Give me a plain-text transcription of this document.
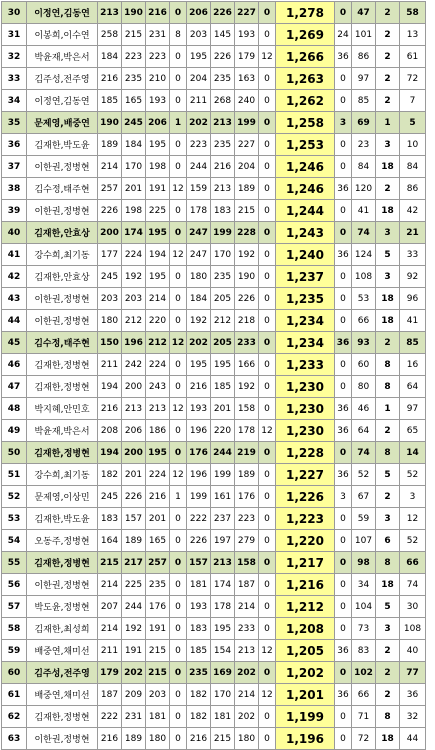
30	이정연,김동연	213	190	216	0	206	226	227	0	1,278	0	47	2	58
31	이봉희,이수연	258	215	231	8	203	145	193	0	1,269	24	101	2	13
32	박윤재,박은서	184	223	223	0	195	226	179	12	1,266	36	86	2	61
33	김주성,전주영	216	235	210	0	204	235	163	0	1,263	0	97	2	72
34	이정연,김동연	185	165	193	0	211	268	240	0	1,262	0	85	2	7
35	문제영,배중연	190	245	206	1	202	213	199	0	1,258	3	69	1	5
36	김재한,박도윤	189	184	195	0	223	235	227	0	1,253	0	23	3	10
37	이한권,정병현	214	170	198	0	244	216	204	0	1,246	0	84	18	84
38	김수정,태주현	257	201	191	12	159	213	189	0	1,246	36	120	2	86
39	이한권,정병현	226	198	225	0	178	183	215	0	1,244	0	41	18	42
40	김재한,안효상	200	174	195	0	247	199	228	0	1,243	0	74	3	21
41	강수희,최기동	177	224	194	12	247	170	192	0	1,240	36	124	5	33
42	김재한,안효상	245	192	195	0	180	235	190	0	1,237	0	108	3	92
43	이한권,정병현	203	203	214	0	184	205	226	0	1,235	0	53	18	96
44	이한권,정병현	180	212	220	0	192	212	218	0	1,234	0	66	18	41
45	김수정,태주현	150	196	212	12	202	205	233	0	1,234	36	93	2	85
46	김재한,정병현	211	242	224	0	195	195	166	0	1,233	0	60	8	16
47	김재한,정병현	194	200	243	0	216	185	192	0	1,230	0	80	8	64
48	박지혜,안민호	216	213	213	12	193	201	158	0	1,230	36	46	1	97
49	박윤재,박은서	208	206	186	0	196	220	178	12	1,230	36	64	2	65
50	김재한,정병현	194	200	195	0	176	244	219	0	1,228	0	74	8	14
51	강수희,최기동	182	201	224	12	196	199	189	0	1,227	36	52	5	52
52	문제영,이상민	245	226	216	1	199	161	176	0	1,226	3	67	2	3
53	김재한,박도윤	183	157	201	0	222	237	223	0	1,223	0	59	3	12
54	오동주,정병현	164	189	165	0	226	197	279	0	1,220	0	107	6	52
55	김재한,정병현	215	217	257	0	157	213	158	0	1,217	0	98	8	66
56	이한권,정병현	214	225	235	0	181	174	187	0	1,216	0	34	18	74
57	박도윤,정병현	207	244	176	0	193	178	214	0	1,212	0	104	5	30
58	김재한,최성희	214	192	191	0	183	195	233	0	1,208	0	73	3	108
59	배중연,채미선	211	191	215	0	185	154	213	12	1,205	36	83	2	40
60	김주성,전주영	179	202	215	0	235	169	202	0	1,202	0	102	2	77
61	배중연,채미선	187	209	203	0	182	170	214	12	1,201	36	66	2	36
62	김재한,정병현	222	231	181	0	182	181	202	0	1,199	0	71	8	32
63	이한권,정병현	216	189	180	0	216	215	180	0	1,196	0	72	18	44
